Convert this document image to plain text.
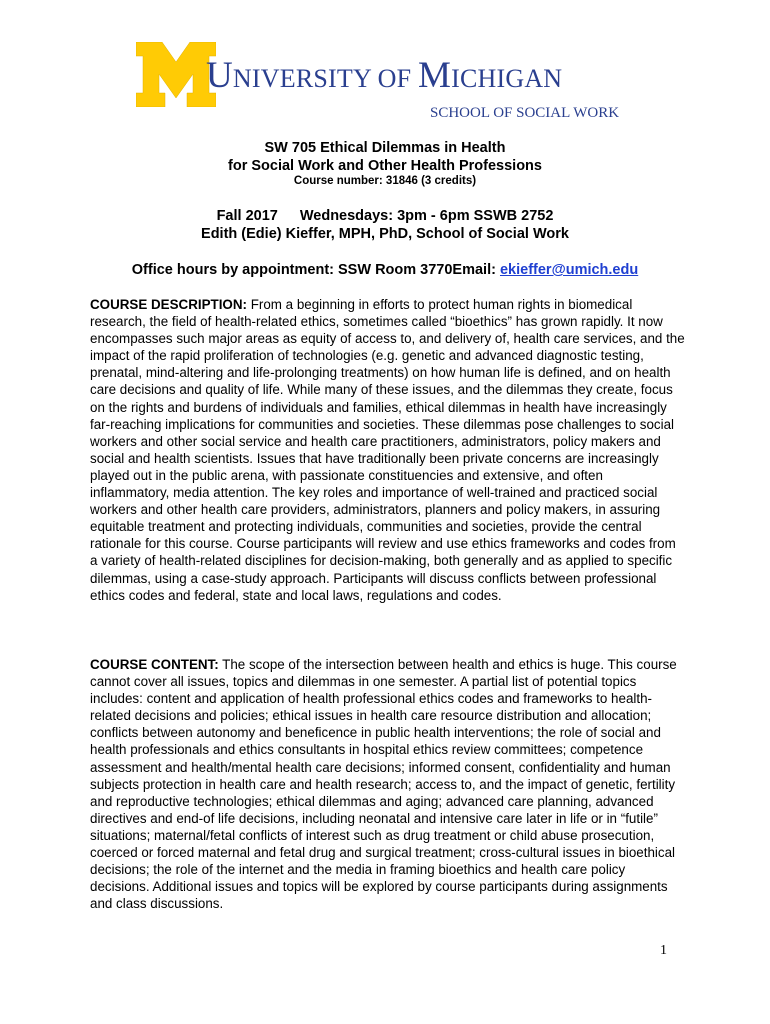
UNIVERSITY OF MICHIGAN
SCHOOL OF SOCIAL WORK
SW 705 Ethical Dilemmas in Health
for Social Work and Other Health Professions
Course number: 31846 (3 credits)
Fall 2017 Wednesdays: 3pm - 6pm SSWB 2752
Edith (Edie) Kieffer, MPH, PhD, School of Social Work
Office hours by appointment: SSW Room 3770Email: ekieffer@umich.edu
COURSE DESCRIPTION: From a beginning in efforts to protect human rights in biomedical research, the field of health-related ethics, sometimes called “bioethics” has grown rapidly. It now encompasses such major areas as equity of access to, and delivery of, health care services, and the impact of the rapid proliferation of technologies (e.g. genetic and advanced diagnostic testing, prenatal, mind-altering and life-prolonging treatments) on how human life is defined, and on health care decisions and quality of life. While many of these issues, and the dilemmas they create, focus on the rights and burdens of individuals and families, ethical dilemmas in health have increasingly far-reaching implications for communities and societies. These dilemmas pose challenges to social workers and other social service and health care practitioners, administrators, policy makers and social and health scientists. Issues that have traditionally been private concerns are increasingly played out in the public arena, with passionate constituencies and extensive, and often inflammatory, media attention. The key roles and importance of well-trained and practiced social workers and other health care providers, administrators, planners and policy makers, in assuring equitable treatment and protecting individuals, communities and societies, provide the central rationale for this course. Course participants will review and use ethics frameworks and codes from a variety of health-related disciplines for decision-making, both generally and as applied to specific dilemmas, using a case-study approach. Participants will discuss conflicts between professional ethics codes and federal, state and local laws, regulations and codes.
COURSE CONTENT: The scope of the intersection between health and ethics is huge. This course cannot cover all issues, topics and dilemmas in one semester. A partial list of potential topics includes: content and application of health professional ethics codes and frameworks to health-related decisions and policies; ethical issues in health care resource distribution and allocation; conflicts between autonomy and beneficence in public health interventions; the role of social and health professionals and ethics consultants in hospital ethics review committees; competence assessment and health/mental health care decisions; informed consent, confidentiality and human subjects protection in health care and health research; access to, and the impact of genetic, fertility and reproductive technologies; ethical dilemmas and aging; advanced care planning, advanced directives and end-of life decisions, including neonatal and intensive care later in life or in “futile” situations; maternal/fetal conflicts of interest such as drug treatment or child abuse prosecution, coerced or forced maternal and fetal drug and surgical treatment; cross-cultural issues in bioethical decisions; the role of the internet and the media in framing bioethics and health care policy decisions. Additional issues and topics will be explored by course participants during assignments and class discussions.
1
